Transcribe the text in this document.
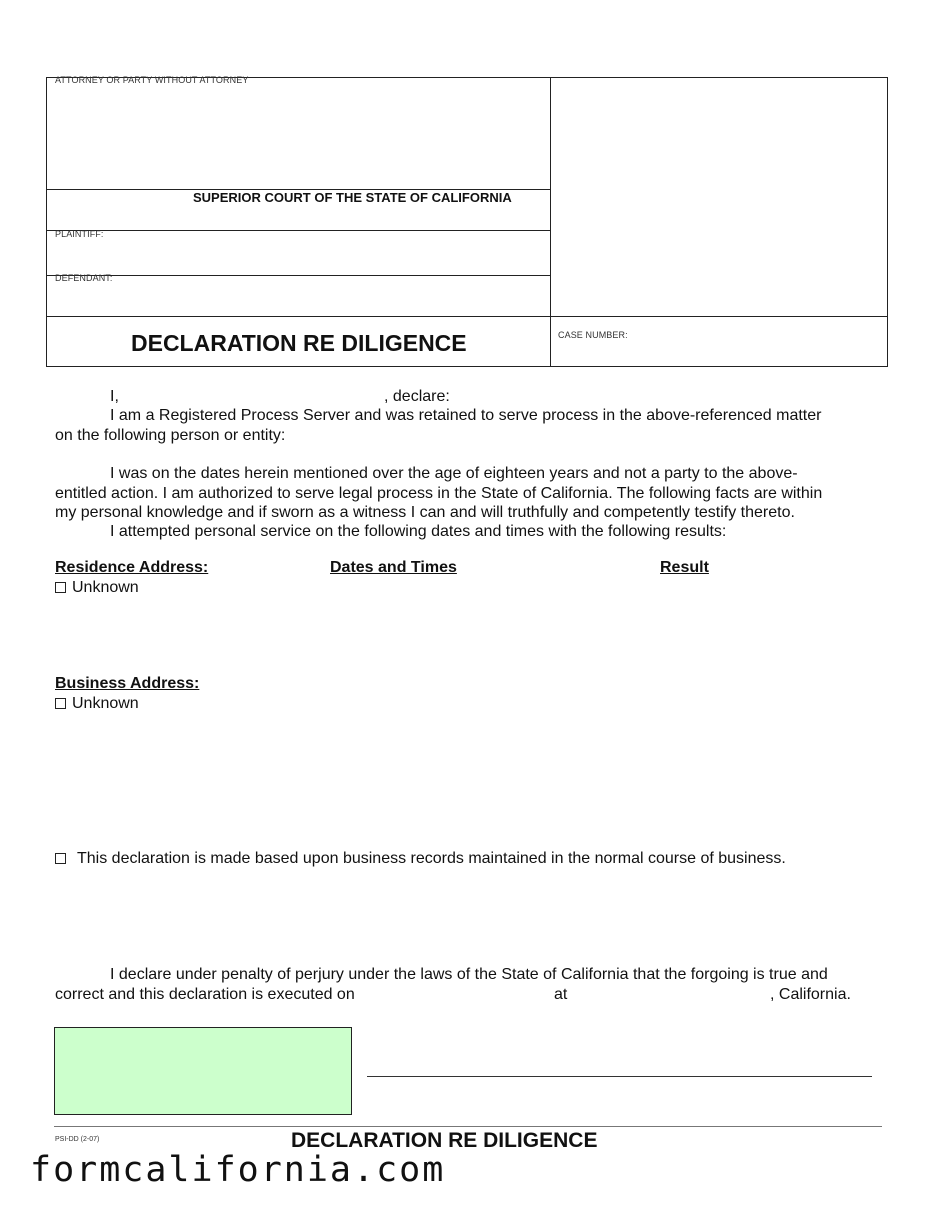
ATTORNEY OR PARTY WITHOUT ATTORNEY
SUPERIOR COURT OF THE STATE OF CALIFORNIA
PLAINTIFF:
DEFENDANT:
DECLARATION RE DILIGENCE	CASE NUMBER:
I,	, declare:
I am a Registered Process Server and was retained to serve process in the above-referenced matter
on the following person or entity:
I was on the dates herein mentioned over the age of eighteen years and not a party to the above-
entitled action. I am authorized to serve legal process in the State of California. The following facts are within
my personal knowledge and if sworn as a witness I can and will truthfully and competently testify thereto.
I attempted personal service on the following dates and times with the following results:
Residence Address:	Dates and Times	Result
Unknown
Business Address:
Unknown
This declaration is made based upon business records maintained in the normal course of business.
I declare under penalty of perjury under the laws of the State of California that the forgoing is true and
correct and this declaration is executed on	at	, California.
PSI-DD (2-07)	DECLARATION RE DILIGENCE
formcalifornia.com
